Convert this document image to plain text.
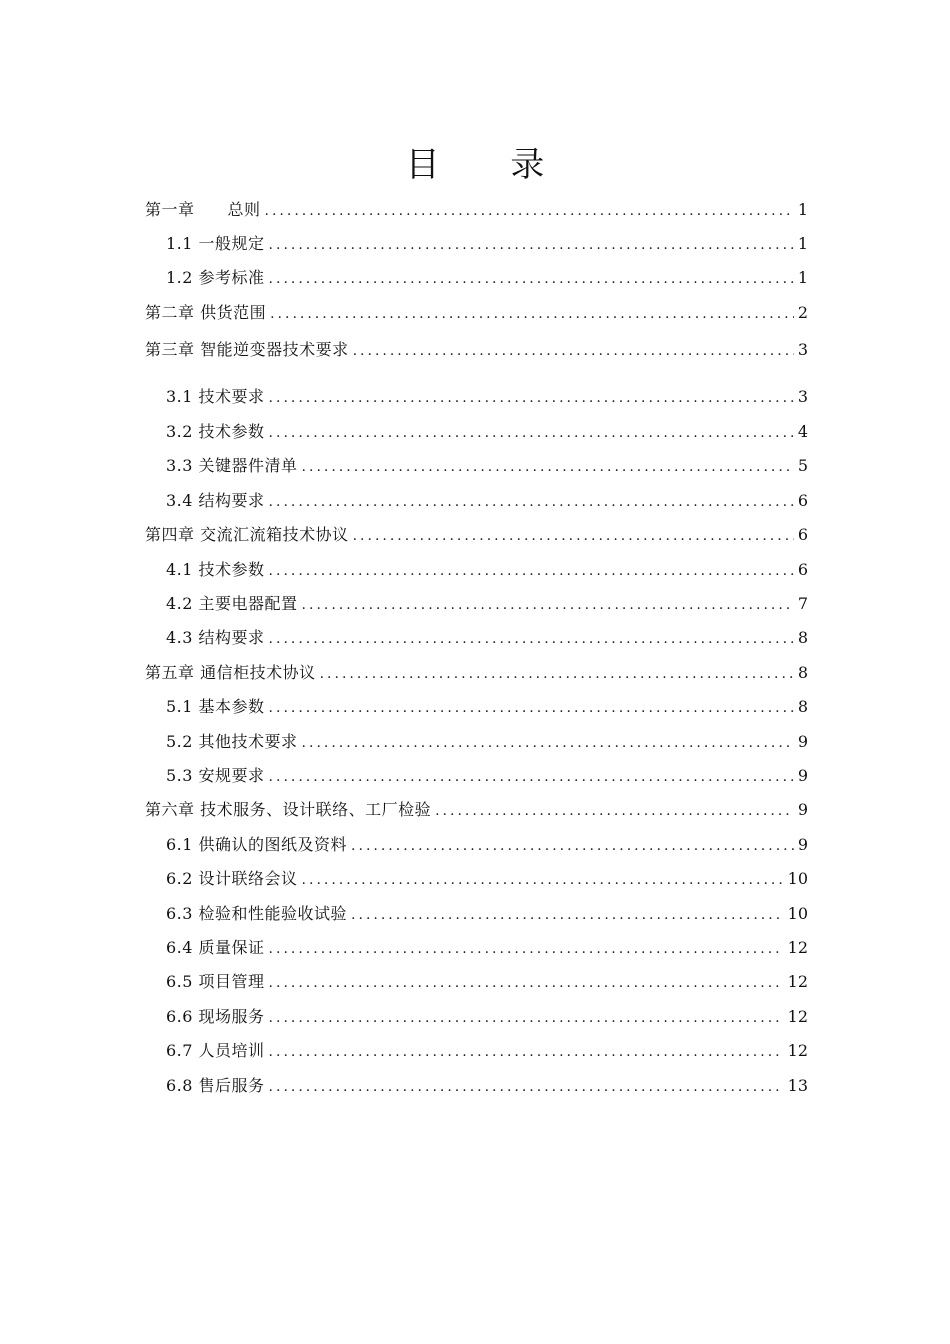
目 录
第一章　　总则 .....	1
1.1 一般规定 .....	1
1.2 参考标准 .....	1
第二章 供货范围 .....	2
第三章 智能逆变器技术要求 .....	3
3.1 技术要求 .....	3
3.2 技术参数 .....	4
3.3 关键器件清单 .....	5
3.4 结构要求 .....	6
第四章 交流汇流箱技术协议 .....	6
4.1 技术参数 .....	6
4.2 主要电器配置 .....	7
4.3 结构要求 .....	8
第五章 通信柜技术协议 .....	8
5.1 基本参数 .....	8
5.2 其他技术要求 .....	9
5.3 安规要求 .....	9
第六章 技术服务、设计联络、工厂检验 .....	9
6.1 供确认的图纸及资料 .....	9
6.2 设计联络会议 .....	10
6.3 检验和性能验收试验 .....	10
6.4 质量保证 .....	12
6.5 项目管理 .....	12
6.6 现场服务 .....	12
6.7 人员培训 .....	12
6.8 售后服务 .....	13
